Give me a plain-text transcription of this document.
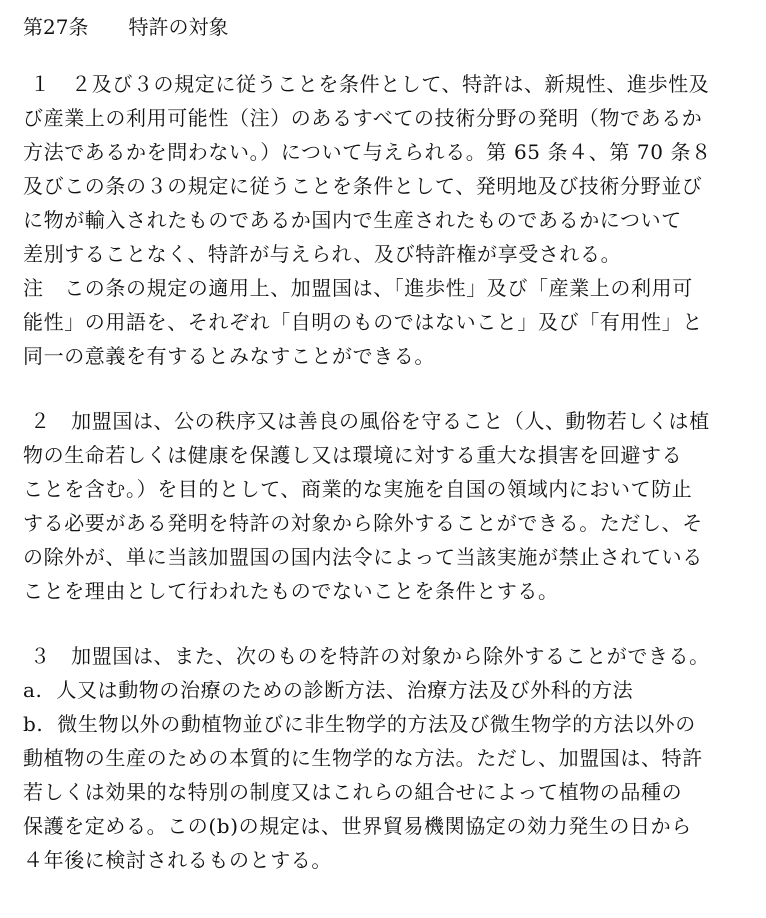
第27条　　特許の対象
１　２及び３の規定に従うことを条件として、特許は、新規性、進歩性及
び産業上の利用可能性（注）のあるすべての技術分野の発明（物であるか
方法であるかを問わない。）について与えられる。第 65 条４、第 70 条８
及びこの条の３の規定に従うことを条件として、発明地及び技術分野並び
に物が輸入されたものであるか国内で生産されたものであるかについて
差別することなく、特許が与えられ、及び特許権が享受される。
注　この条の規定の適用上、加盟国は、「進歩性」及び「産業上の利用可
能性」の用語を、それぞれ「自明のものではないこと」及び「有用性」と
同一の意義を有するとみなすことができる。
２　加盟国は、公の秩序又は善良の風俗を守ること（人、動物若しくは植
物の生命若しくは健康を保護し又は環境に対する重大な損害を回避する
ことを含む。）を目的として、商業的な実施を自国の領域内において防止
する必要がある発明を特許の対象から除外することができる。ただし、そ
の除外が、単に当該加盟国の国内法令によって当該実施が禁止されている
ことを理由として行われたものでないことを条件とする。
３　加盟国は、また、次のものを特許の対象から除外することができる。
a.  人又は動物の治療のための診断方法、治療方法及び外科的方法
b.  微生物以外の動植物並びに非生物学的方法及び微生物学的方法以外の
動植物の生産のための本質的に生物学的な方法。ただし、加盟国は、特許
若しくは効果的な特別の制度又はこれらの組合せによって植物の品種の
保護を定める。この(b)の規定は、世界貿易機関協定の効力発生の日から
４年後に検討されるものとする。
